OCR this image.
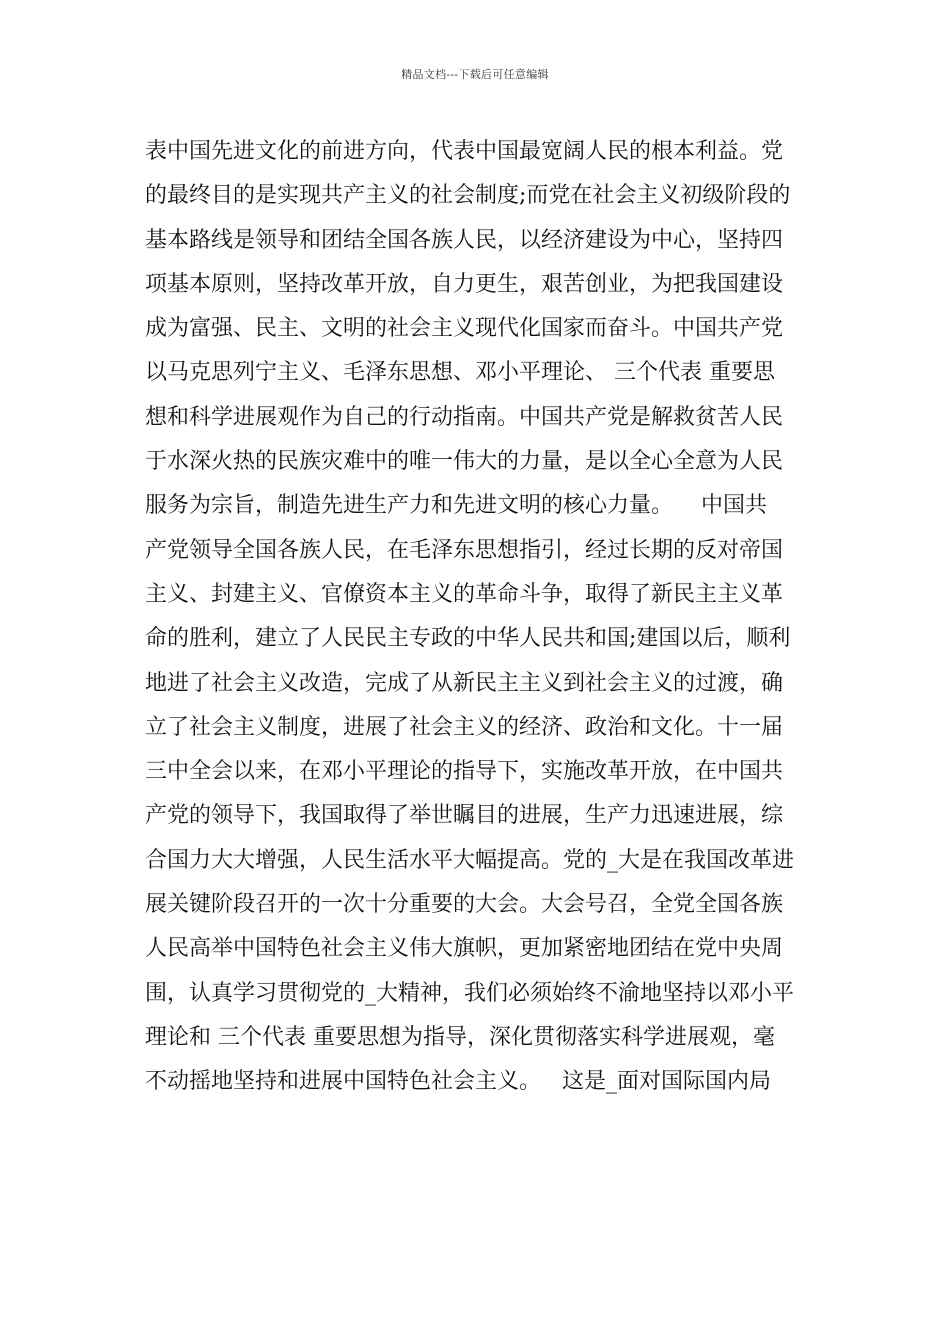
精品文档---下载后可任意编辑
表中国先进文化的前进方向，代表中国最宽阔人民的根本利益。党
的最终目的是实现共产主义的社会制度;而党在社会主义初级阶段的
基本路线是领导和团结全国各族人民，以经济建设为中心，坚持四
项基本原则，坚持改革开放，自力更生，艰苦创业，为把我国建设
成为富强、民主、文明的社会主义现代化国家而奋斗。中国共产党
以马克思列宁主义、毛泽东思想、邓小平理论、 三个代表 重要思
想和科学进展观作为自己的行动指南。中国共产党是解救贫苦人民
于水深火热的民族灾难中的唯一伟大的力量，是以全心全意为人民
服务为宗旨，制造先进生产力和先进文明的核心力量。    中国共
产党领导全国各族人民，在毛泽东思想指引，经过长期的反对帝国
主义、封建主义、官僚资本主义的革命斗争，取得了新民主主义革
命的胜利，建立了人民民主专政的中华人民共和国;建国以后，顺利
地进了社会主义改造，完成了从新民主主义到社会主义的过渡，确
立了社会主义制度，进展了社会主义的经济、政治和文化。十一届
三中全会以来，在邓小平理论的指导下，实施改革开放，在中国共
产党的领导下，我国取得了举世瞩目的进展，生产力迅速进展，综
合国力大大增强，人民生活水平大幅提高。党的_大是在我国改革进
展关键阶段召开的一次十分重要的大会。大会号召，全党全国各族
人民高举中国特色社会主义伟大旗帜，更加紧密地团结在党中央周
围，认真学习贯彻党的_大精神，我们必须始终不渝地坚持以邓小平
理论和 三个代表 重要思想为指导，深化贯彻落实科学进展观，毫
不动摇地坚持和进展中国特色社会主义。   这是_面对国际国内局
